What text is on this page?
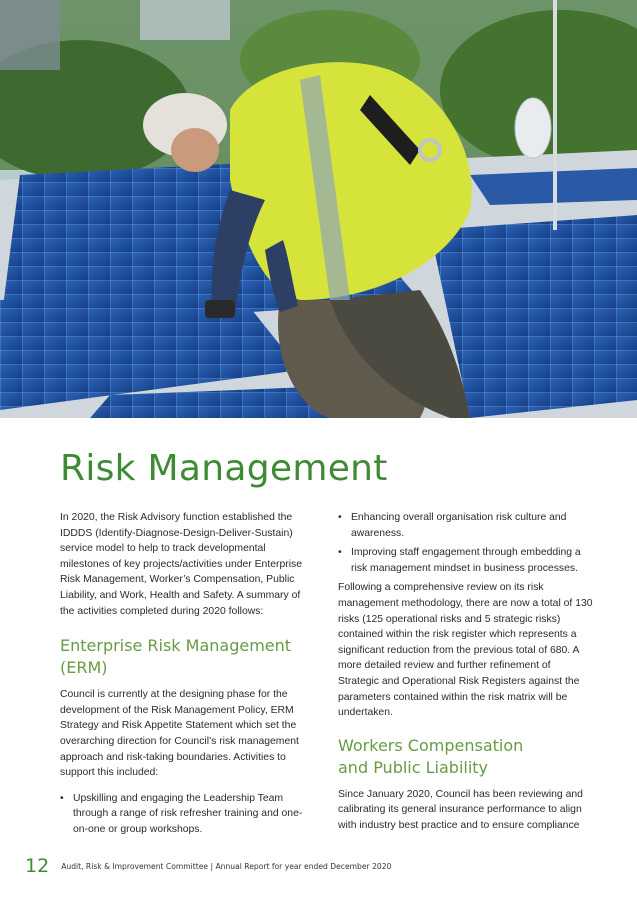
Risk Management

In 2020, the Risk Advisory function established the IDDDS (Identify-Diagnose-Design-Deliver-Sustain) service model to help to track developmental milestones of key projects/activities under Enterprise Risk Management, Worker’s Compensation, Public Liability, and Work, Health and Safety. A summary of the activities completed during 2020 follows:

Enterprise Risk Management
(ERM)

Council is currently at the designing phase for the development of the Risk Management Policy, ERM Strategy and Risk Appetite Statement which set the overarching direction for Council’s risk management approach and risk-taking boundaries. Activities to support this included:

• Upskilling and engaging the Leadership Team through a range of risk refresher training and one-on-one or group workshops.
• Enhancing overall organisation risk culture and awareness.
• Improving staff engagement through embedding a risk management mindset in business processes.

Following a comprehensive review on its risk management methodology, there are now a total of 130 risks (125 operational risks and 5 strategic risks) contained within the risk register which represents a significant reduction from the previous total of 680. A more detailed review and further refinement of Strategic and Operational Risk Registers against the parameters contained within the risk matrix will be undertaken.

Workers Compensation
and Public Liability

Since January 2020, Council has been reviewing and calibrating its general insurance performance to align with industry best practice and to ensure compliance

12 Audit, Risk & Improvement Committee | Annual Report for year ended December 2020
